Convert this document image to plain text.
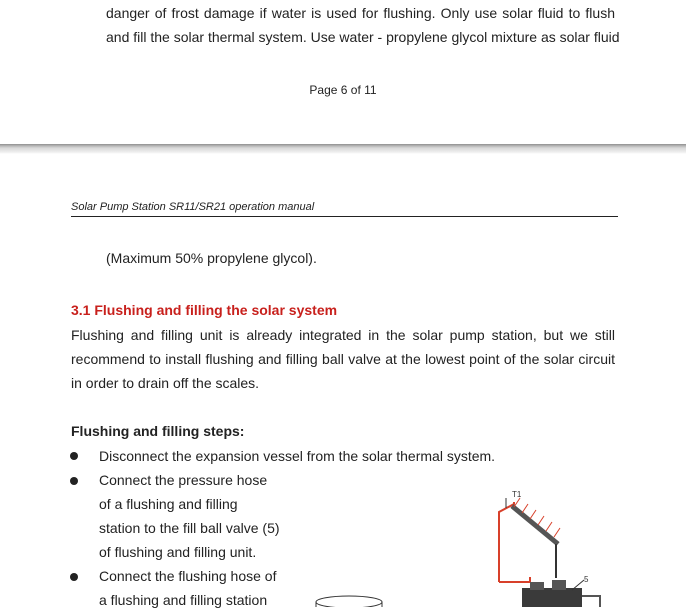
danger of frost damage if water is used for flushing. Only use solar fluid to flush
and fill the solar thermal system. Use water - propylene glycol mixture as solar fluid
Page 6 of 11
Solar Pump Station SR11/SR21 operation manual
(Maximum 50% propylene glycol).
3.1 Flushing and filling the solar system
Flushing and filling unit is already integrated in the solar pump station, but we still
recommend to install flushing and filling ball valve at the lowest point of the solar circuit
in order to drain off the scales.
Flushing and filling steps:
Disconnect the expansion vessel from the solar thermal system.
Connect the pressure hose
of a flushing and filling
station to the fill ball valve (5)
of flushing and filling unit.
Connect the flushing hose of
a flushing and filling station
T1
5
